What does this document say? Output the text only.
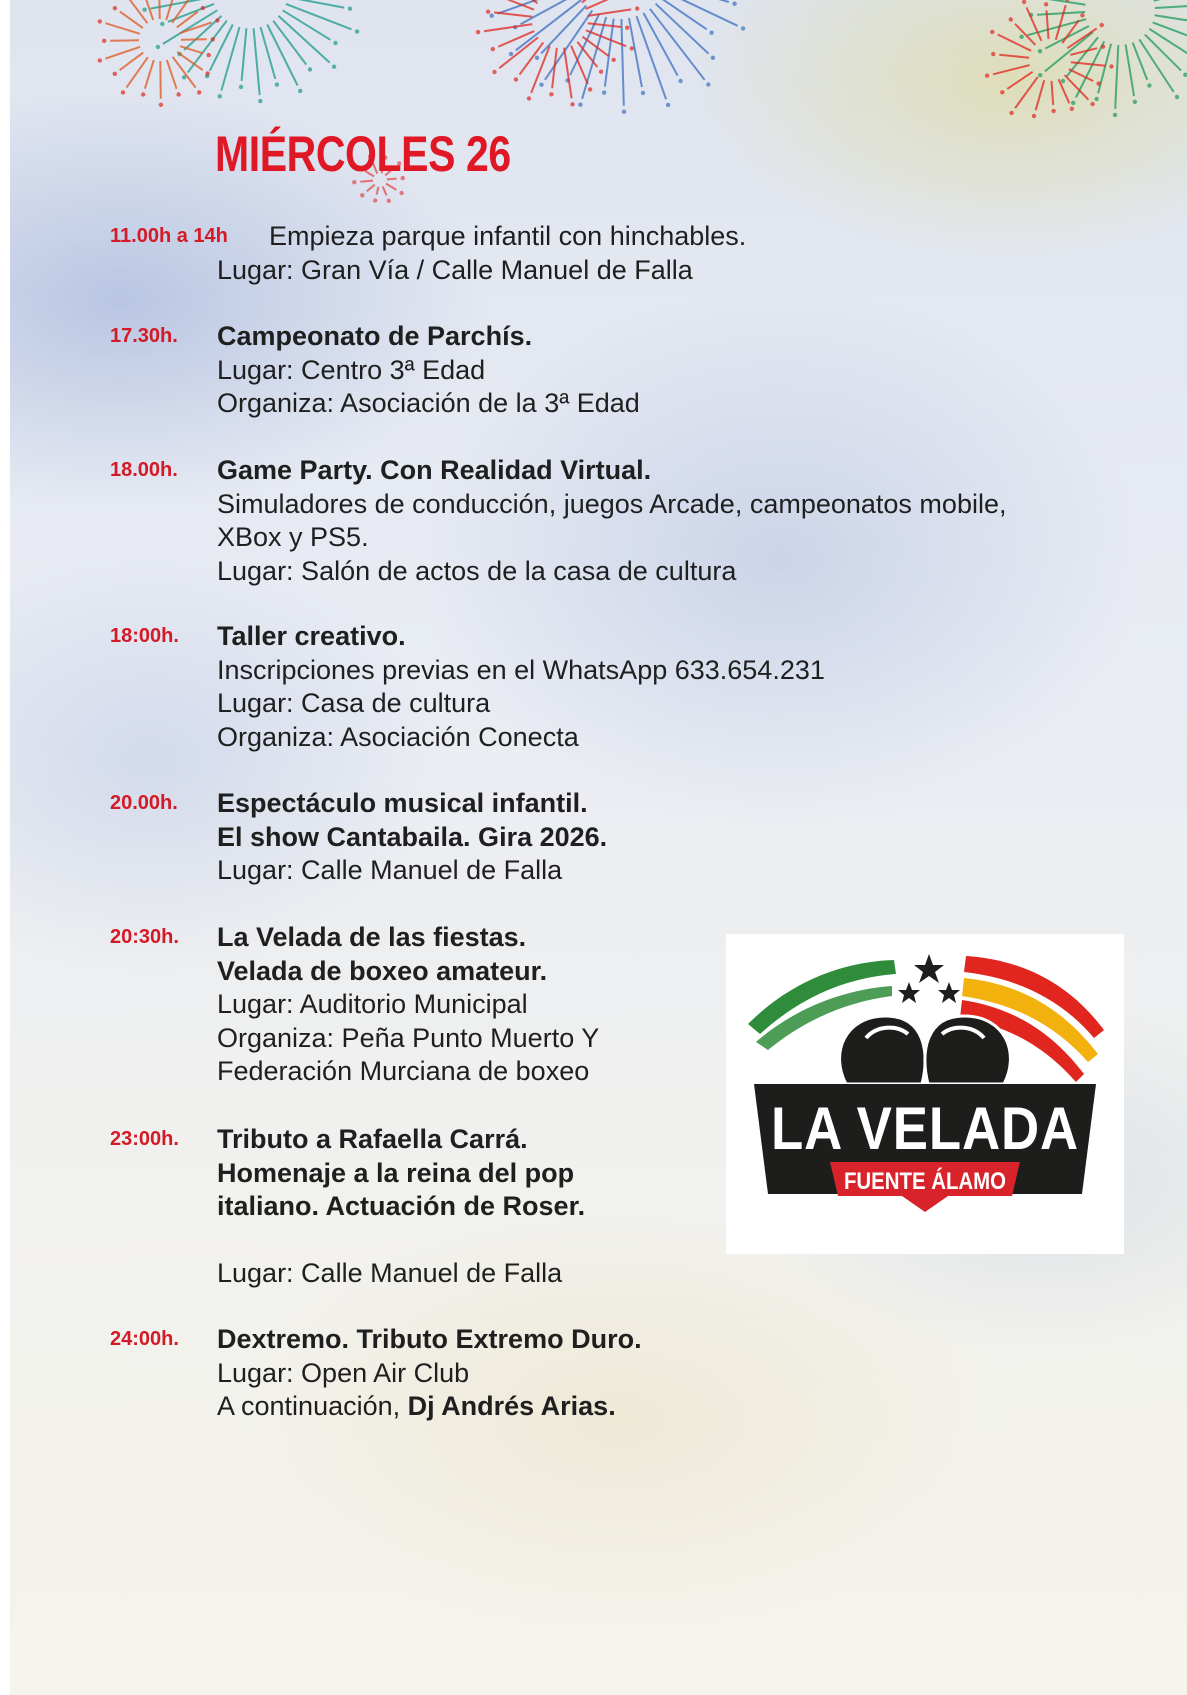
MIÉRCOLES 26
11.00h a 14h Empieza parque infantil con hinchables.
Lugar: Gran Vía / Calle Manuel de Falla
17.30h. Campeonato de Parchís.
Lugar: Centro 3ª Edad
Organiza: Asociación de la 3ª Edad
18.00h. Game Party. Con Realidad Virtual.
Simuladores de conducción, juegos Arcade, campeonatos mobile,
XBox y PS5.
Lugar: Salón de actos de la casa de cultura
18:00h. Taller creativo.
Inscripciones previas en el WhatsApp 633.654.231
Lugar: Casa de cultura
Organiza: Asociación Conecta
20.00h. Espectáculo musical infantil.
El show Cantabaila. Gira 2026.
Lugar: Calle Manuel de Falla
20:30h. La Velada de las fiestas.
Velada de boxeo amateur.
Lugar: Auditorio Municipal
Organiza: Peña Punto Muerto Y
Federación Murciana de boxeo
23:00h. Tributo a Rafaella Carrá.
Homenaje a la reina del pop
italiano. Actuación de Roser.
Lugar: Calle Manuel de Falla
24:00h. Dextremo. Tributo Extremo Duro.
Lugar: Open Air Club
A continuación, Dj Andrés Arias.
LA VELADA
FUENTE ÁLAMO
